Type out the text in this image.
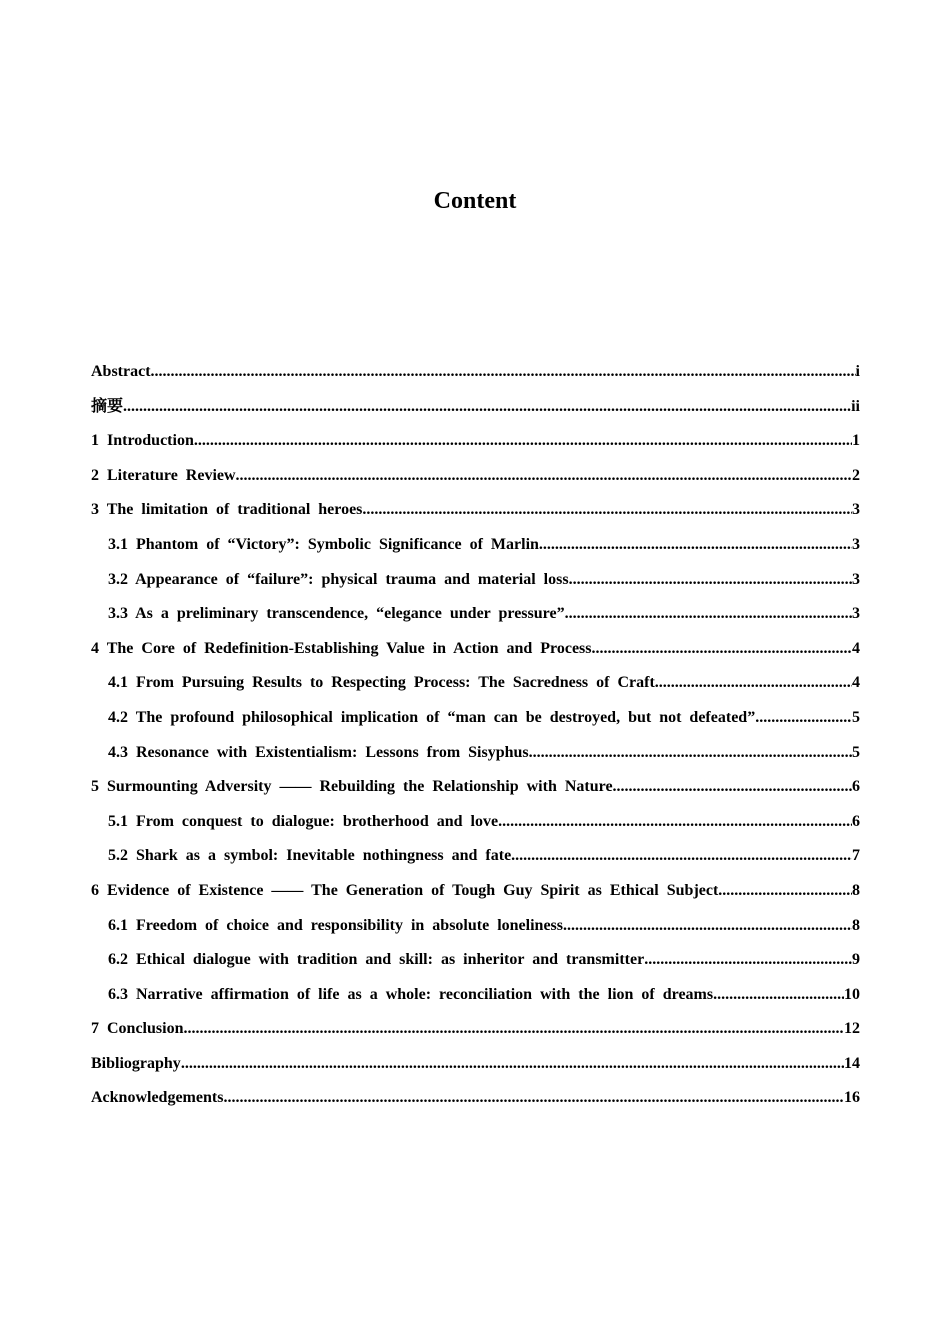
Content
Abstract .....	i
摘要 .....	ii
1 Introduction .....	1
2 Literature Review .....	2
3 The limitation of traditional heroes .....	3
3.1 Phantom of “Victory”: Symbolic Significance of Marlin .....	3
3.2 Appearance of “failure”: physical trauma and material loss .....	3
3.3 As a preliminary transcendence, “elegance under pressure” .....	3
4 The Core of Redefinition-Establishing Value in Action and Process .....	4
4.1 From Pursuing Results to Respecting Process: The Sacredness of Craft .....	4
4.2 The profound philosophical implication of “man can be destroyed, but not defeated” .....	5
4.3 Resonance with Existentialism: Lessons from Sisyphus .....	5
5 Surmounting Adversity —— Rebuilding the Relationship with Nature .....	6
5.1 From conquest to dialogue: brotherhood and love .....	6
5.2 Shark as a symbol: Inevitable nothingness and fate .....	7
6 Evidence of Existence —— The Generation of Tough Guy Spirit as Ethical Subject .....	8
6.1 Freedom of choice and responsibility in absolute loneliness .....	8
6.2 Ethical dialogue with tradition and skill: as inheritor and transmitter .....	9
6.3 Narrative affirmation of life as a whole: reconciliation with the lion of dreams .....	10
7 Conclusion .....	12
Bibliography .....	14
Acknowledgements .....	16
